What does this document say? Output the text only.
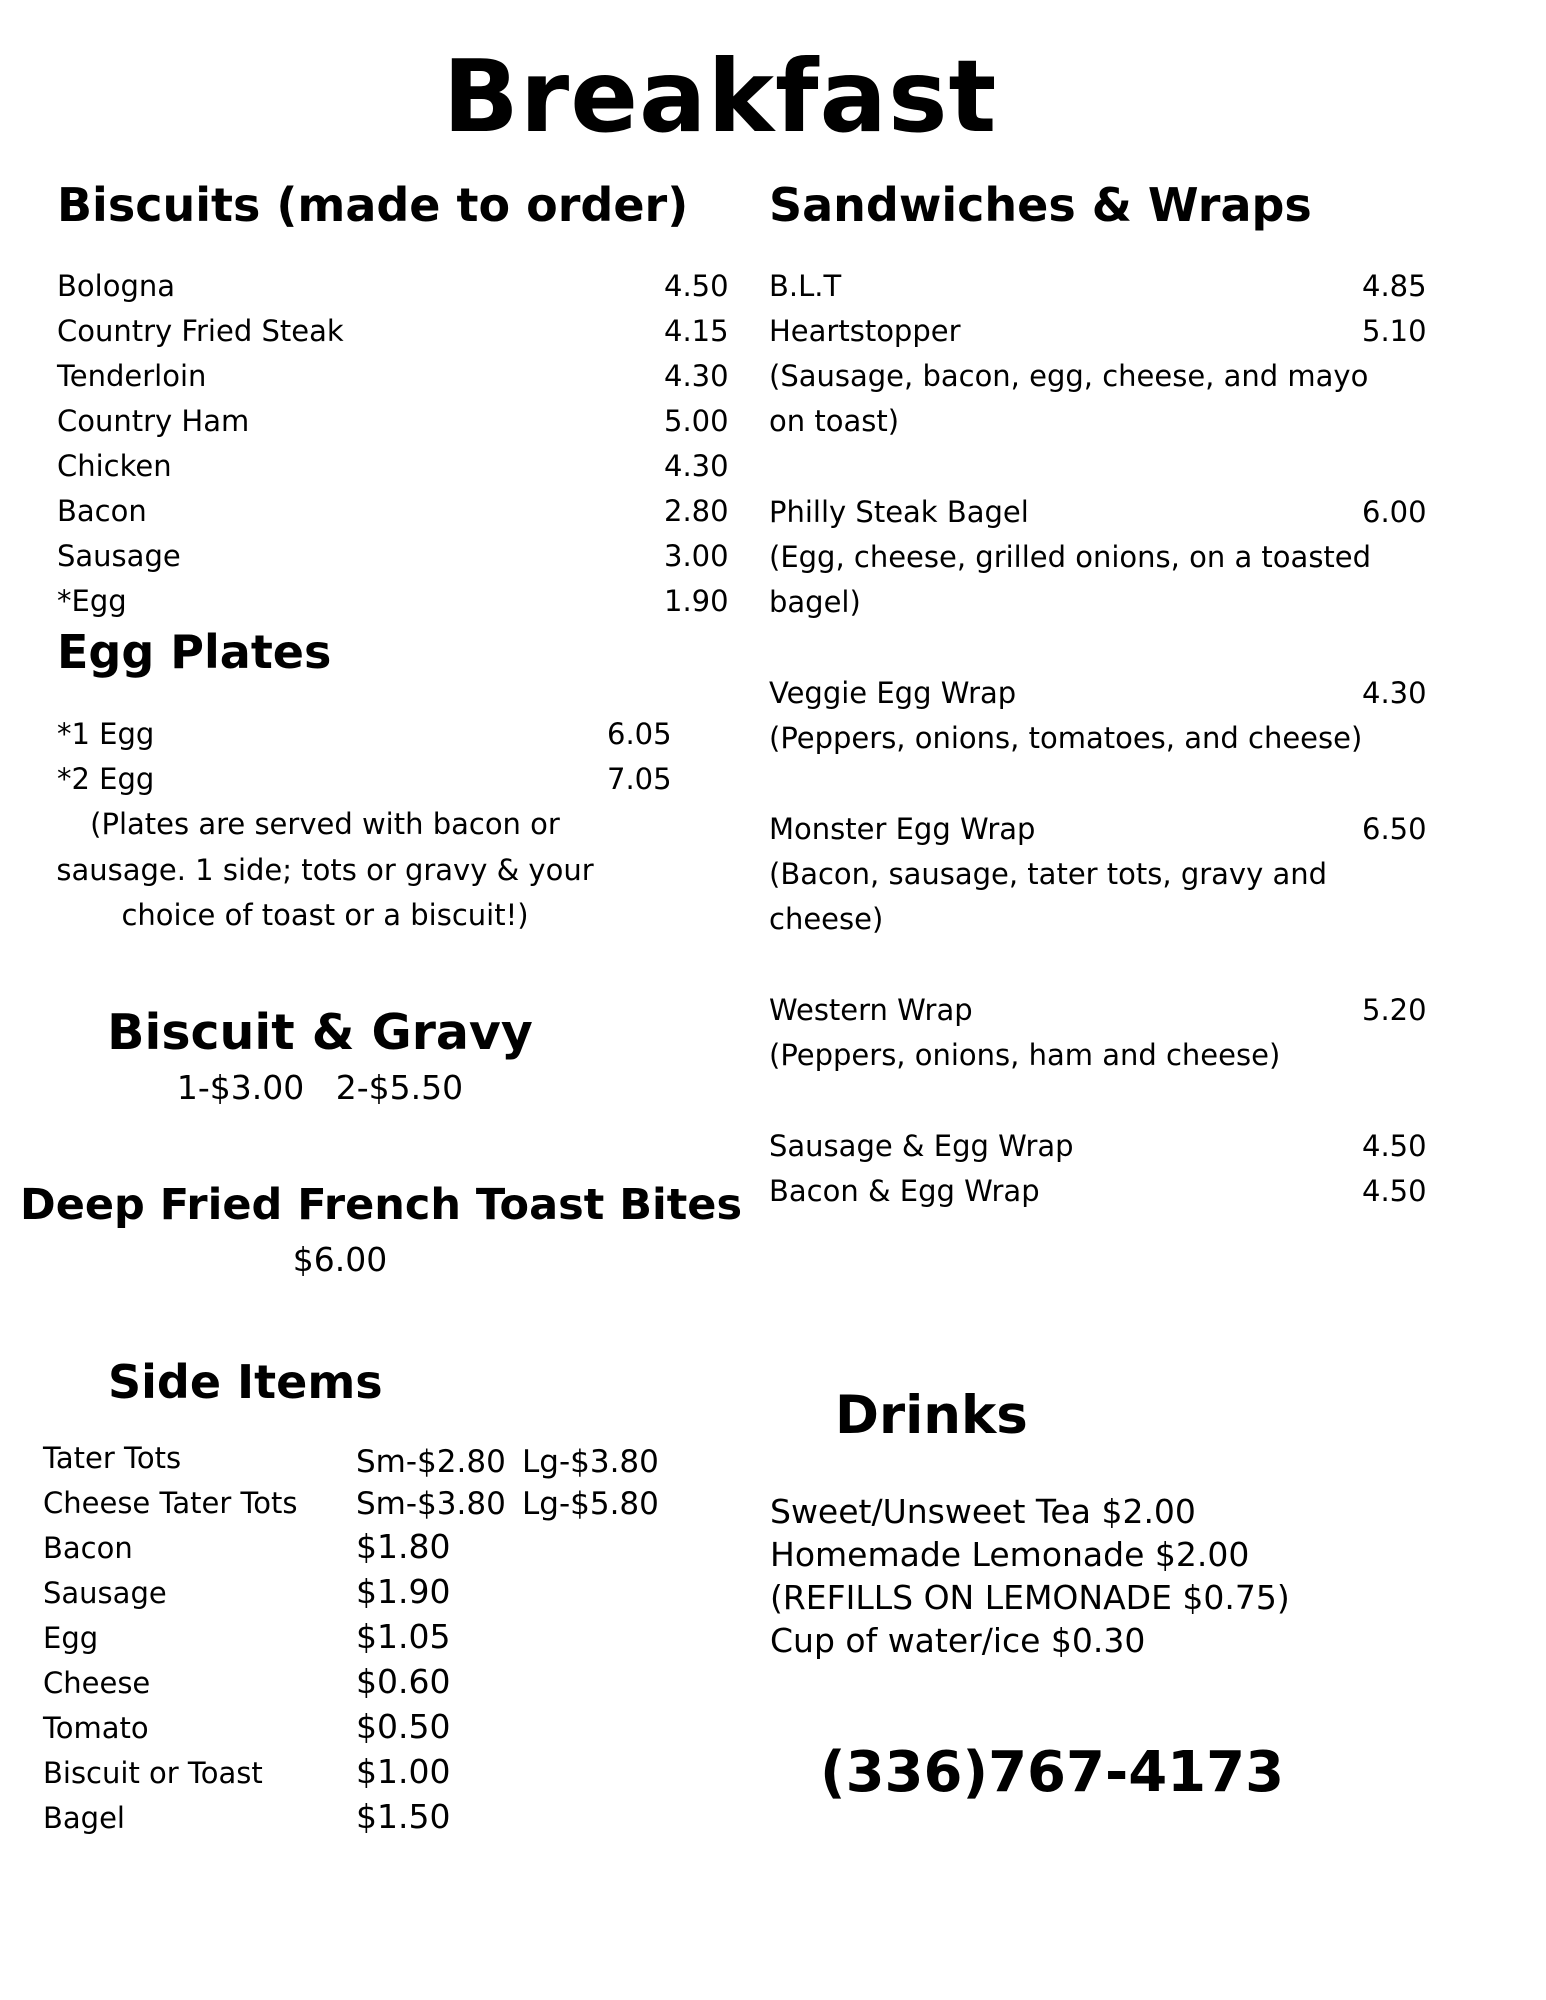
Breakfast
Biscuits (made to order)
Bologna	4.50
Country Fried Steak	4.15
Tenderloin	4.30
Country Ham	5.00
Chicken	4.30
Bacon	2.80
Sausage	3.00
*Egg	1.90
Egg Plates
*1 Egg	6.05
*2 Egg	7.05
(Plates are served with bacon or
sausage. 1 side; tots or gravy & your
choice of toast or a biscuit!)
Biscuit & Gravy
1-$3.00   2-$5.50
Deep Fried French Toast Bites
$6.00
Side Items
Tater Tots	Sm-$2.80 Lg-$3.80
Cheese Tater Tots Sm-$3.80 Lg-$5.80
Bacon	$1.80
Sausage	$1.90
Egg	$1.05
Cheese	$0.60
Tomato	$0.50
Biscuit or Toast	$1.00
Bagel	$1.50
Sandwiches & Wraps
B.L.T	4.85
Heartstopper	5.10
(Sausage, bacon, egg, cheese, and mayo
on toast)
Philly Steak Bagel	6.00
(Egg, cheese, grilled onions, on a toasted
bagel)
Veggie Egg Wrap	4.30
(Peppers, onions, tomatoes, and cheese)
Monster Egg Wrap	6.50
(Bacon, sausage, tater tots, gravy and
cheese)
Western Wrap	5.20
(Peppers, onions, ham and cheese)
Sausage & Egg Wrap	4.50
Bacon & Egg Wrap	4.50
Drinks
Sweet/Unsweet Tea $2.00
Homemade Lemonade $2.00
(REFILLS ON LEMONADE $0.75)
Cup of water/ice $0.30
(336)767-4173
